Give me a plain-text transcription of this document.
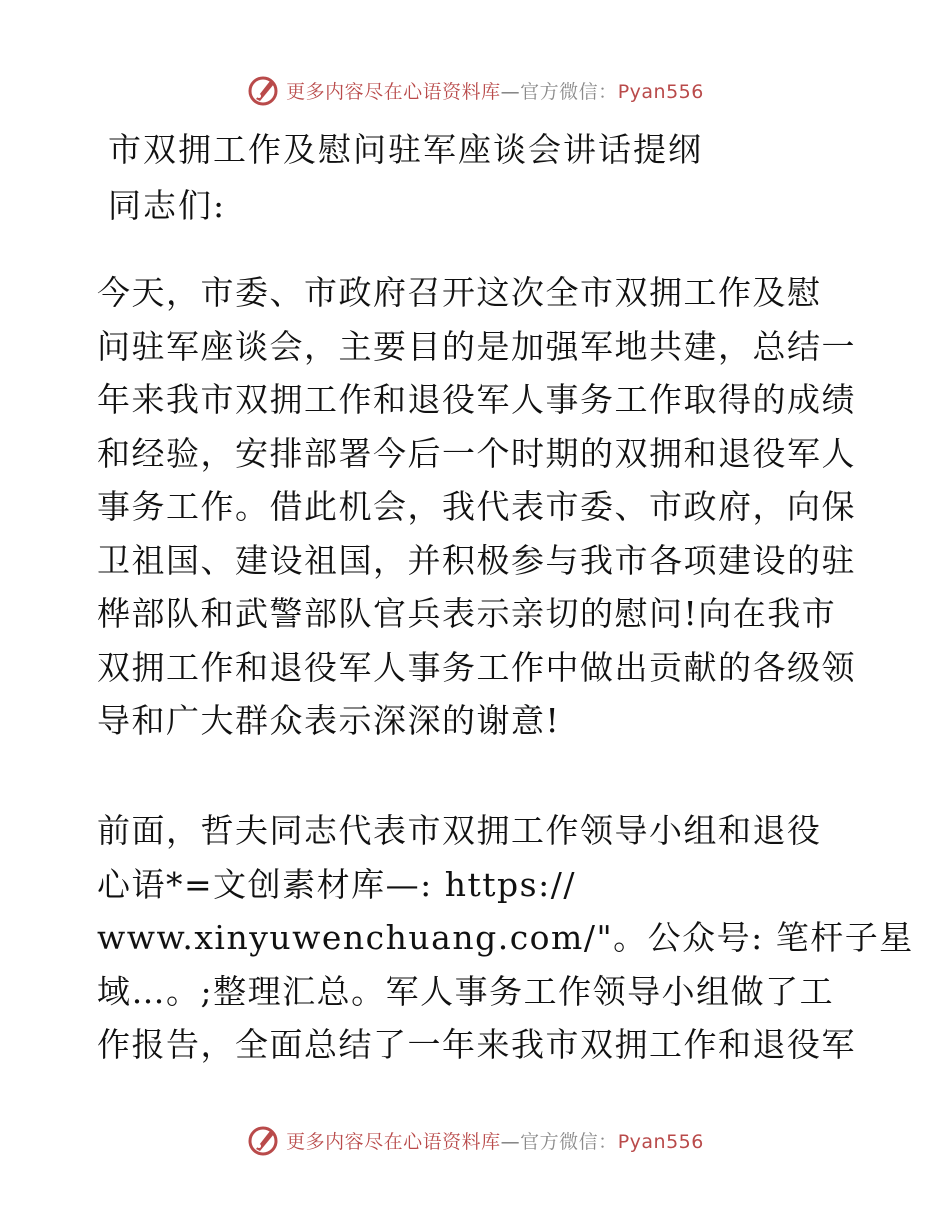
更多内容尽在心语资料库—官方微信：Pyan556
市双拥工作及慰问驻军座谈会讲话提纲
同志们:
今天，市委、市政府召开这次全市双拥工作及慰
问驻军座谈会，主要目的是加强军地共建，总结一
年来我市双拥工作和退役军人事务工作取得的成绩
和经验，安排部署今后一个时期的双拥和退役军人
事务工作。借此机会，我代表市委、市政府，向保
卫祖国、建设祖国，并积极参与我市各项建设的驻
桦部队和武警部队官兵表示亲切的慰问!向在我市
双拥工作和退役军人事务工作中做出贡献的各级领
导和广大群众表示深深的谢意!
前面，哲夫同志代表市双拥工作领导小组和退役
心语*=文创素材库—: https://
www.xinyuwenchuang.com/"。公众号: 笔杆子星
域…。;整理汇总。军人事务工作领导小组做了工
作报告，全面总结了一年来我市双拥工作和退役军
更多内容尽在心语资料库—官方微信：Pyan556
